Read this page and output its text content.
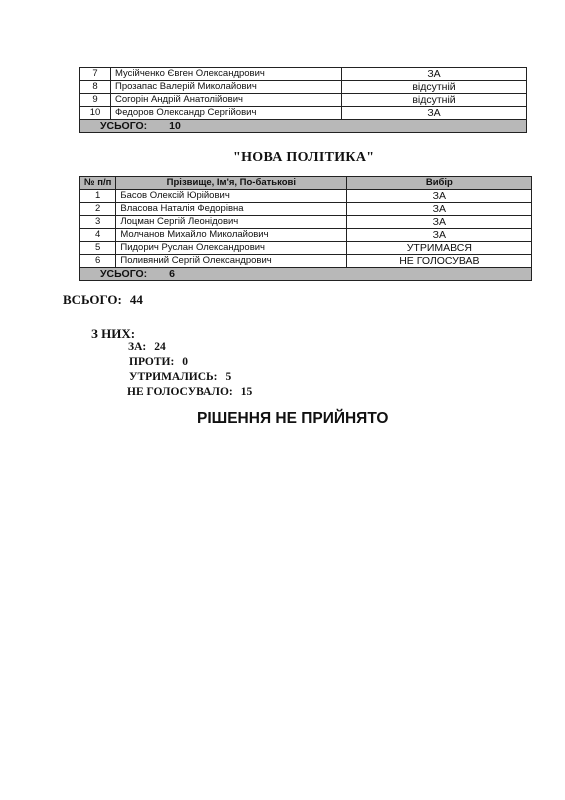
7	Мусійченко Євген Олександрович	ЗА
8	Прозапас Валерій Миколайович	відсутній
9	Согорін Андрій Анатолійович	відсутній
10	Федоров Олександр Сергійович	ЗА
УСЬОГО: 10		
"НОВА ПОЛІТИКА"
№ п/п	Прізвище, Ім'я, По-батькові	Вибір
1	Басов Олексій Юрійович	ЗА
2	Власова Наталія Федорівна	ЗА
3	Лоцман Сергій Леонідович	ЗА
4	Молчанов Михайло Миколайович	ЗА
5	Пидорич Руслан Олександрович	УТРИМАВСЯ
6	Поливяний Сергій Олександрович	НЕ ГОЛОСУВАВ
УСЬОГО: 6		
ВСЬОГО: 44
З НИХ:
ЗА: 24
ПРОТИ: 0
УТРИМАЛИСЬ: 5
НЕ ГОЛОСУВАЛО: 15
РІШЕННЯ НЕ ПРИЙНЯТО
